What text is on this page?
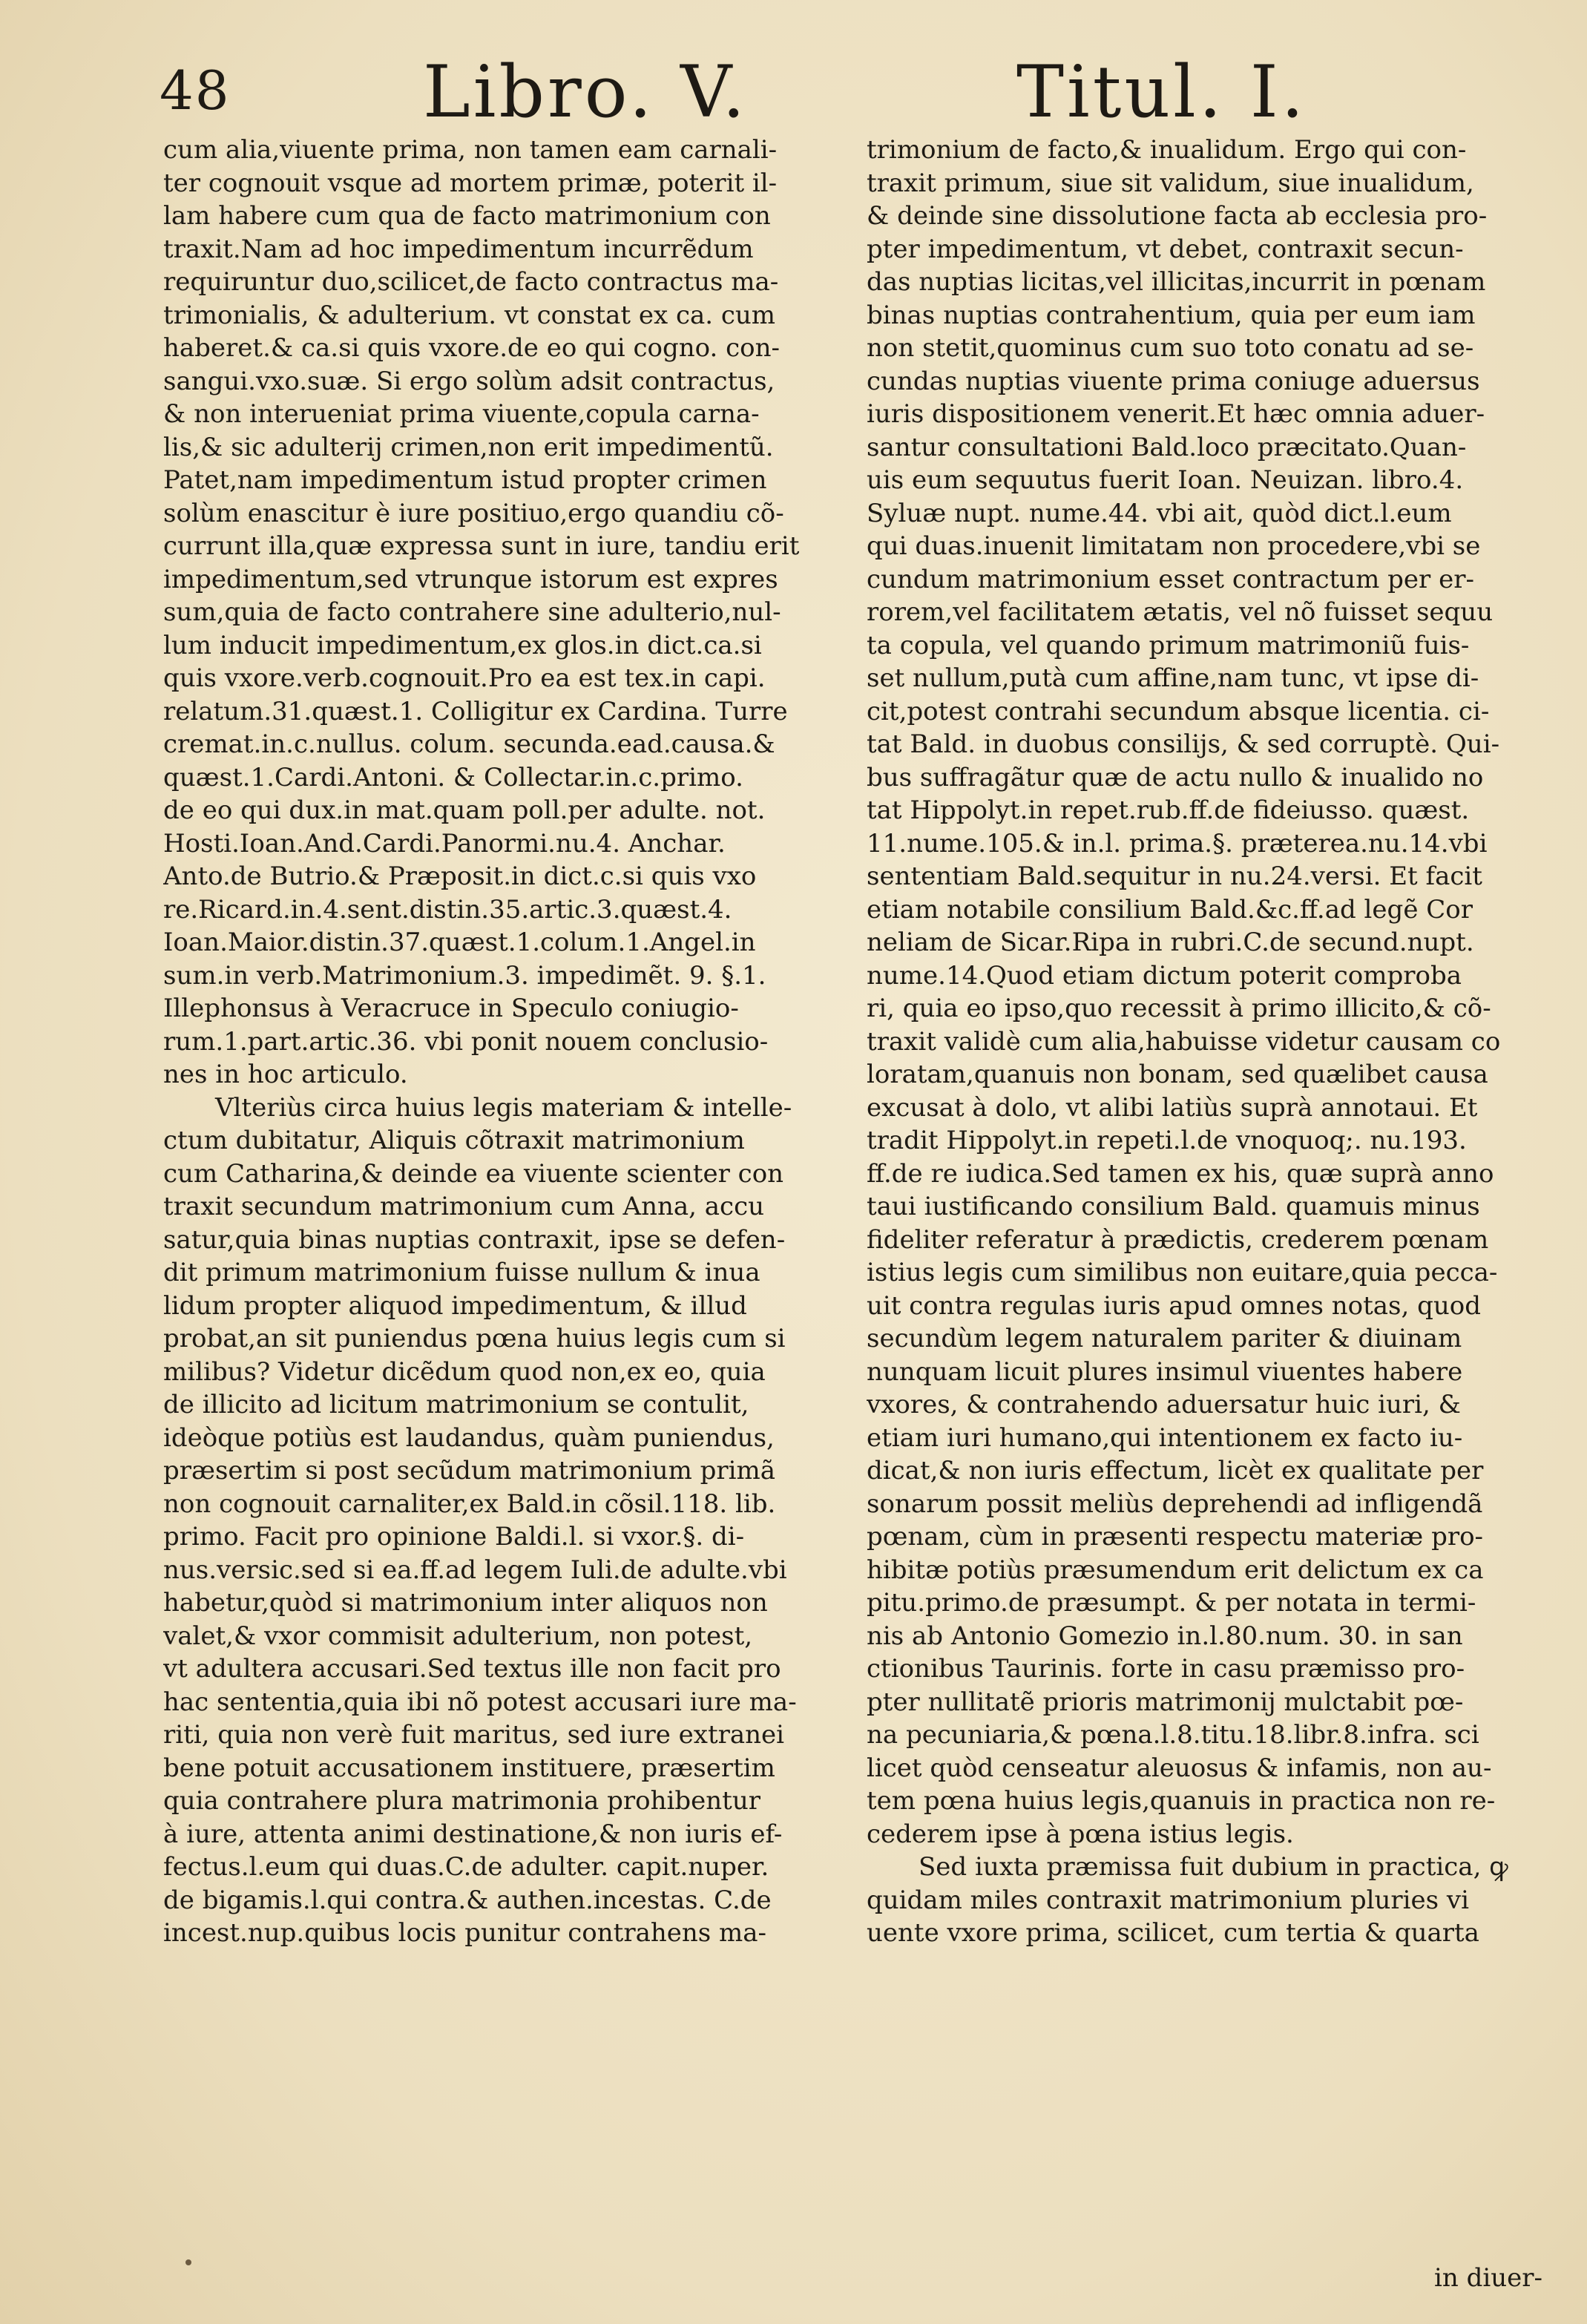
48	Libro. V.	Titul. I.
cum alia,viuente prima, non tamen eam carnali-
ter cognouit vsque ad mortem primæ, poterit il-
lam habere cum qua de facto matrimonium con
traxit.Nam ad hoc impedimentum incurrẽdum
requiruntur duo,scilicet,de facto contractus ma-
trimonialis, & adulterium. vt constat ex ca. cum
haberet.& ca.si quis vxore.de eo qui cogno. con-
sangui.vxo.suæ. Si ergo solùm adsit contractus,
& non interueniat prima viuente,copula carna-
lis,& sic adulterij crimen,non erit impedimentũ.
Patet,nam impedimentum istud propter crimen
solùm enascitur è iure positiuo,ergo quandiu cõ-
currunt illa,quæ expressa sunt in iure, tandiu erit
impedimentum,sed vtrunque istorum est expres
sum,quia de facto contrahere sine adulterio,nul-
lum inducit impedimentum,ex glos.in dict.ca.si
quis vxore.verb.cognouit.Pro ea est tex.in capi.
relatum.31.quæst.1. Colligitur ex Cardina. Turre
cremat.in.c.nullus. colum. secunda.ead.causa.&
quæst.1.Cardi.Antoni. & Collectar.in.c.primo.
de eo qui dux.in mat.quam poll.per adulte. not.
Hosti.Ioan.And.Cardi.Panormi.nu.4. Anchar.
Anto.de Butrio.& Præposit.in dict.c.si quis vxo
re.Ricard.in.4.sent.distin.35.artic.3.quæst.4.
Ioan.Maior.distin.37.quæst.1.colum.1.Angel.in
sum.in verb.Matrimonium.3. impedimẽt. 9. §.1.
Illephonsus à Veracruce in Speculo coniugio-
rum.1.part.artic.36. vbi ponit nouem conclusio-
nes in hoc articulo.
Vlteriùs circa huius legis materiam & intelle-
ctum dubitatur, Aliquis cõtraxit matrimonium
cum Catharina,& deinde ea viuente scienter con
traxit secundum matrimonium cum Anna, accu
satur,quia binas nuptias contraxit, ipse se defen-
dit primum matrimonium fuisse nullum & inua
lidum propter aliquod impedimentum, & illud
probat,an sit puniendus pœna huius legis cum si
milibus? Videtur dicẽdum quod non,ex eo, quia
de illicito ad licitum matrimonium se contulit,
ideòque potiùs est laudandus, quàm puniendus,
præsertim si post secũdum matrimonium primã
non cognouit carnaliter,ex Bald.in cõsil.118. lib.
primo. Facit pro opinione Baldi.l. si vxor.§. di-
nus.versic.sed si ea.ff.ad legem Iuli.de adulte.vbi
habetur,quòd si matrimonium inter aliquos non
valet,& vxor commisit adulterium, non potest,
vt adultera accusari.Sed textus ille non facit pro
hac sententia,quia ibi nõ potest accusari iure ma-
riti, quia non verè fuit maritus, sed iure extranei
bene potuit accusationem instituere, præsertim
quia contrahere plura matrimonia prohibentur
à iure, attenta animi destinatione,& non iuris ef-
fectus.l.eum qui duas.C.de adulter. capit.nuper.
de bigamis.l.qui contra.& authen.incestas. C.de
incest.nup.quibus locis punitur contrahens ma-
trimonium de facto,& inualidum. Ergo qui con-
traxit primum, siue sit validum, siue inualidum,
& deinde sine dissolutione facta ab ecclesia pro-
pter impedimentum, vt debet, contraxit secun-
das nuptias licitas,vel illicitas,incurrit in pœnam
binas nuptias contrahentium, quia per eum iam
non stetit,quominus cum suo toto conatu ad se-
cundas nuptias viuente prima coniuge aduersus
iuris dispositionem venerit.Et hæc omnia aduer-
santur consultationi Bald.loco præcitato.Quan-
uis eum sequutus fuerit Ioan. Neuizan. libro.4.
Syluæ nupt. nume.44. vbi ait, quòd dict.l.eum
qui duas.inuenit limitatam non procedere,vbi se
cundum matrimonium esset contractum per er-
rorem,vel facilitatem ætatis, vel nõ fuisset sequu
ta copula, vel quando primum matrimoniũ fuis-
set nullum,putà cum affine,nam tunc, vt ipse di-
cit,potest contrahi secundum absque licentia. ci-
tat Bald. in duobus consilijs, & sed corruptè. Qui-
bus suffragãtur quæ de actu nullo & inualido no
tat Hippolyt.in repet.rub.ff.de fideiusso. quæst.
11.nume.105.& in.l. prima.§. præterea.nu.14.vbi
sententiam Bald.sequitur in nu.24.versi. Et facit
etiam notabile consilium Bald.&c.ff.ad legẽ Cor
neliam de Sicar.Ripa in rubri.C.de secund.nupt.
nume.14.Quod etiam dictum poterit comproba
ri, quia eo ipso,quo recessit à primo illicito,& cõ-
traxit validè cum alia,habuisse videtur causam co
loratam,quanuis non bonam, sed quælibet causa
excusat à dolo, vt alibi latiùs suprà annotaui. Et
tradit Hippolyt.in repeti.l.de vnoquoq;. nu.193.
ff.de re iudica.Sed tamen ex his, quæ suprà anno
taui iustificando consilium Bald. quamuis minus
fideliter referatur à prædictis, crederem pœnam
istius legis cum similibus non euitare,quia pecca-
uit contra regulas iuris apud omnes notas, quod
secundùm legem naturalem pariter & diuinam
nunquam licuit plures insimul viuentes habere
vxores, & contrahendo aduersatur huic iuri, &
etiam iuri humano,qui intentionem ex facto iu-
dicat,& non iuris effectum, licèt ex qualitate per
sonarum possit meliùs deprehendi ad infligendã
pœnam, cùm in præsenti respectu materiæ pro-
hibitæ potiùs præsumendum erit delictum ex ca
pitu.primo.de præsumpt. & per notata in termi-
nis ab Antonio Gomezio in.l.80.num. 30. in san
ctionibus Taurinis. forte in casu præmisso pro-
pter nullitatẽ prioris matrimonij mulctabit pœ-
na pecuniaria,& pœna.l.8.titu.18.libr.8.infra. sci
licet quòd censeatur aleuosus & infamis, non au-
tem pœna huius legis,quanuis in practica non re-
cederem ipse à pœna istius legis.
Sed iuxta præmissa fuit dubium in practica, ꝙ
quidam miles contraxit matrimonium pluries vi
uente vxore prima, scilicet, cum tertia & quarta
in diuer-
